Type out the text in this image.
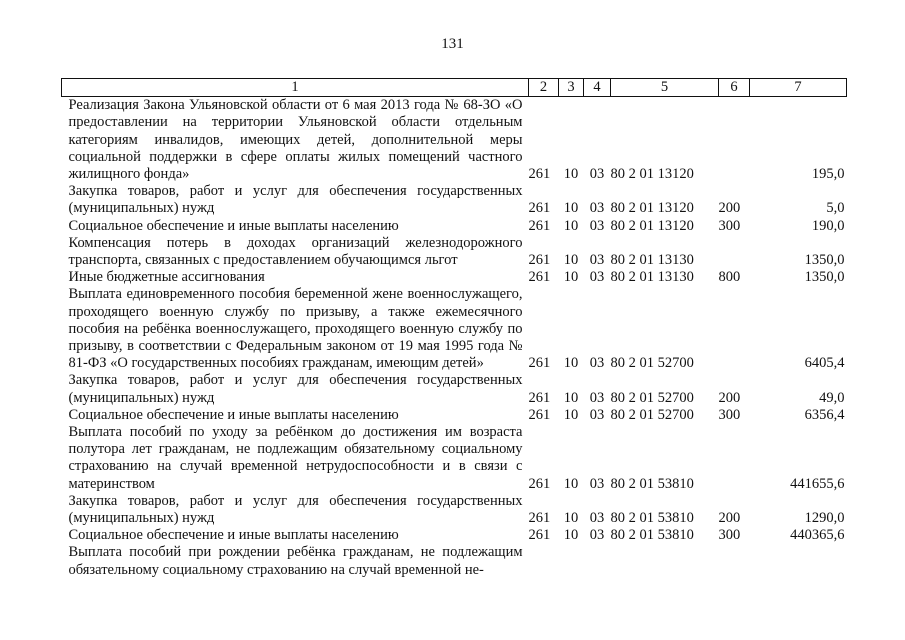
131
1	2	3	4	5	6	7
Реализация Закона Ульяновской области от 6 мая 2013 года № 68-ЗО «О предоставлении на территории Ульяновской области отдельным категориям инвалидов, имеющих детей, дополнительной меры социальной поддержки в сфере оплаты жилых помещений частного жилищного фонда»	261	10	03	80 2 01 13120		195,0
Закупка товаров, работ и услуг для обеспечения государственных (муниципальных) нужд	261	10	03	80 2 01 13120	200	5,0
Социальное обеспечение и иные выплаты населению	261	10	03	80 2 01 13120	300	190,0
Компенсация потерь в доходах организаций железнодорожного транспорта, связанных с предоставлением обучающимся льгот	261	10	03	80 2 01 13130		1350,0
Иные бюджетные ассигнования	261	10	03	80 2 01 13130	800	1350,0
Выплата единовременного пособия беременной жене военнослужащего, проходящего военную службу по призыву, а также ежемесячного пособия на ребёнка военнослужащего, проходящего военную службу по призыву, в соответствии с Федеральным законом от 19 мая 1995 года № 81-ФЗ «О государственных пособиях гражданам, имеющим детей»	261	10	03	80 2 01 52700		6405,4
Закупка товаров, работ и услуг для обеспечения государственных (муниципальных) нужд	261	10	03	80 2 01 52700	200	49,0
Социальное обеспечение и иные выплаты населению	261	10	03	80 2 01 52700	300	6356,4
Выплата пособий по уходу за ребёнком до достижения им возраста полутора лет гражданам, не подлежащим обязательному социальному страхованию на случай временной нетрудоспособности и в связи с материнством	261	10	03	80 2 01 53810		441655,6
Закупка товаров, работ и услуг для обеспечения государственных (муниципальных) нужд	261	10	03	80 2 01 53810	200	1290,0
Социальное обеспечение и иные выплаты населению	261	10	03	80 2 01 53810	300	440365,6
Выплата пособий при рождении ребёнка гражданам, не подлежащим обязательному социальному страхованию на случай временной не-						
